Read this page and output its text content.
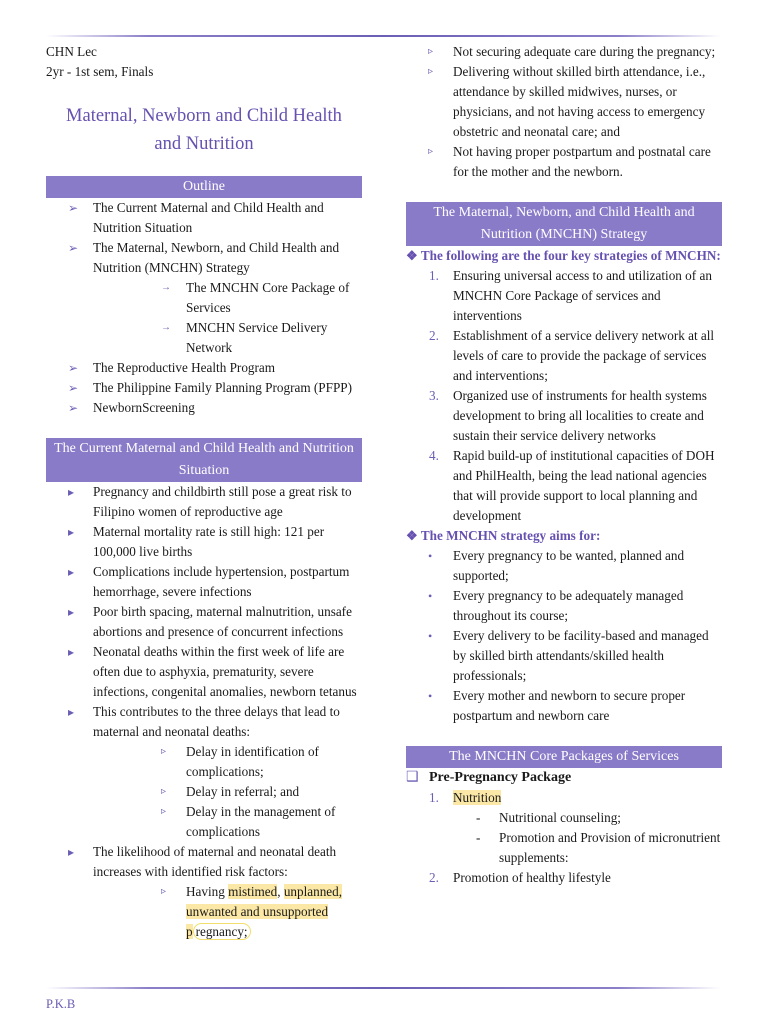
CHN Lec

2yr - 1st sem, Finals

Maternal, Newborn and Child Health
and Nutrition
Outline
➢ The Current Maternal and Child Health and Nutrition Situation
➢ The Maternal, Newborn, and Child Health and Nutrition (MNCHN) Strategy
→ The MNCHN Core Package of Services
→ MNCHN Service Delivery Network
➢ The Reproductive Health Program
➢ The Philippine Family Planning Program (PFPP)
➢ NewbornScreening
The Current Maternal and Child Health and Nutrition Situation
▸ Pregnancy and childbirth still pose a great risk to Filipino women of reproductive age
▸ Maternal mortality rate is still high: 121 per 100,000 live births
▸ Complications include hypertension, postpartum hemorrhage, severe infections
▸ Poor birth spacing, maternal malnutrition, unsafe abortions and presence of concurrent infections
▸ Neonatal deaths within the first week of life are often due to asphyxia, prematurity, severe infections, congenital anomalies, newborn tetanus
▸ This contributes to the three delays that lead to maternal and neonatal deaths:
▹ Delay in identification of complications;
▹ Delay in referral; and
▹ Delay in the management of complications
▸ The likelihood of maternal and neonatal death increases with identified risk factors:
▹ Having mistimed, unplanned, unwanted and unsupported p regnancy;
▹ Not securing adequate care during the pregnancy;
▹ Delivering without skilled birth attendance, i.e., attendance by skilled midwives, nurses, or physicians, and not having access to emergency obstetric and neonatal care; and
▹ Not having proper postpartum and postnatal care for the mother and the newborn.
The Maternal, Newborn, and Child Health and Nutrition (MNCHN) Strategy
❖ The following are the four key strategies of MNCHN:
1. Ensuring universal access to and utilization of an MNCHN Core Package of services and interventions
2. Establishment of a service delivery network at all levels of care to provide the package of services and interventions;
3. Organized use of instruments for health systems development to bring all localities to create and sustain their service delivery networks
4. Rapid build-up of institutional capacities of DOH and PhilHealth, being the lead national agencies that will provide support to local planning and development
❖ The MNCHN strategy aims for:
• Every pregnancy to be wanted, planned and supported;
• Every pregnancy to be adequately managed throughout its course;
• Every delivery to be facility-based and managed by skilled birth attendants/skilled health professionals;
• Every mother and newborn to secure proper postpartum and newborn care
The MNCHN Core Packages of Services
❑ Pre-Pregnancy Package
1. Nutrition
- Nutritional counseling;
- Promotion and Provision of micronutrient supplements:
2. Promotion of healthy lifestyle
P.K.B
